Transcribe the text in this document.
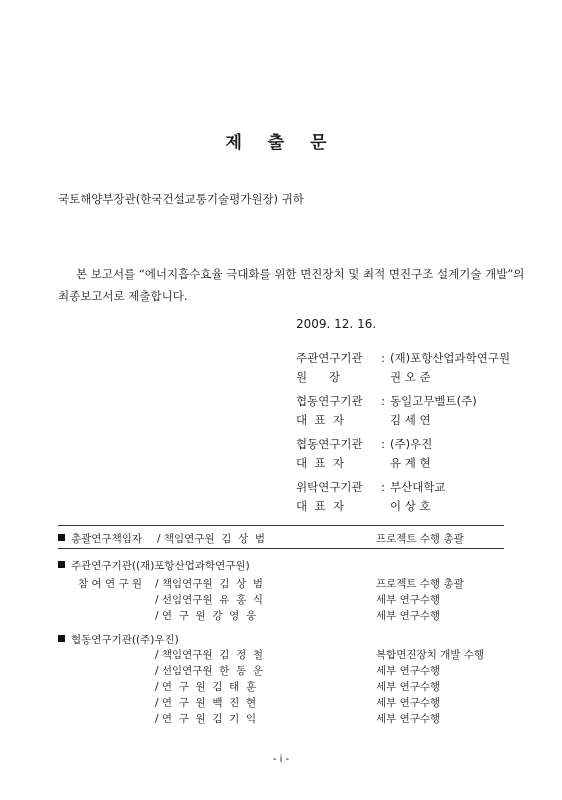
제 출 문
국토해양부장관(한국건설교통기술평가원장) 귀하
본 보고서를 “에너지흡수효율 극대화를 위한 면진장치 및 최적 면진구조 설계기술 개발”의
최종보고서로 제출합니다.
2009. 12. 16.
주관연구기관 : (재)포항산업과학연구원
원      장	권 오 준
협동연구기관 : 동일고무벨트(주)
대  표  자	김 세 연
협동연구기관 : (주)우진
대  표  자	유 계 현
위탁연구기관 : 부산대학교
대  표  자	이 상 호
총괄연구책임자 / 책임연구원  김  상  범	프로젝트 수행 총괄
주관연구기관((재)포항산업과학연구원)
참 여 연 구 원 / 책임연구원  김  상  범	프로젝트 수행 총괄
/ 선임연구원  유  홍  식	세부 연구수행
/ 연  구  원  강  영  웅	세부 연구수행
협동연구기관((주)우진)
/ 책임연구원  김  정  철	복합면진장치 개발 수행
/ 선임연구원  한  동  운	세부 연구수행
/ 연  구  원  김  태  훈	세부 연구수행
/ 연  구  원  백  진  현	세부 연구수행
/ 연  구  원  김  기  익	세부 연구수행
- i -
